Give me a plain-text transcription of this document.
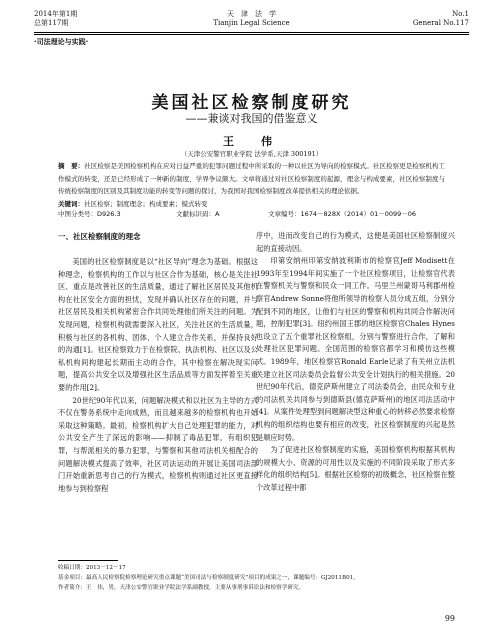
2014年第1期
总第117期
天　津　法　学
Tianjin Legal Science
No.1
General No.117
·司法理论与实践·
美国社区检察制度研究
——兼谈对我国的借鉴意义
王　伟
（天津公安警官职业学院 法学系,天津 300191）
摘　要：社区检察是美国检察机构在应对日益严重的犯罪问题过程中所采取的一种以社区为导向的检察模式。社区检察更是检察机构工作模式的转变，还是已经形成了一种新的制度，学界争议颇大。文章将通过对社区检察制度的起源，理念与构成要素，社区检察制度与传统检察制度的区别及其制度功能的转变等问题的探讨，为我国对我国检察制度改革提供相关的理论依据。
关键词：社区检察；制度理念；构成要素；模式转变
中图分类号：D926.3	文献标识码：A	文章编号：1674－828X（2014）01－0099－06
一、社区检察制度的理念

美国的社区检察制度是以“社区导向”理念为基础。根据这种理念，检察机构的工作以与社区合作为基础，核心是关注社区、重点是改善社区的生活质量，通过了解社区居民及其他机构在社区安全方面的担忧，发现并确认社区存在的问题，并与社区居民及相关机构紧密合作共同处理他们所关注的问题。为发现问题，检察机构就需要深入社区，关注社区的生活质量，积极与社区的各机构、团体、个人建立合作关系，并保持良好的沟通[1]。社区检察致力于在检察院、执法机构、社区以及公私机构间构建起长期而主动的合作，其中检察在解决现实问题，提高公共安全以及增强社区生活品质等方面发挥着至关重要的作用[2]。

20世纪90年代以来，问题解决模式和以社区为主导的方式不仅在警务系统中走向成熟，而且越来越多的检察机构也开始采取这种策略。最初，检察机构扩大自己处理犯罪的能力，对公共安全产生了深远的影响——抑制了毒品犯罪，有组织犯罪，与帮派相关的暴力犯罪，与警察和其他司法机关相配合的问题解决模式提高了效率，社区司法运动的开展让美国司法部门开始重新思考自己的行为模式，检察机构则通过社区更直接地参与到检察程

序中，进而改变自己的行为模式，这便是美国社区检察制度兴起的直接动因。

印第安纳州印第安纳波利斯市的检察官Jeff Modisett在1993年至1994年间实施了一个社区检察项目，让检察官代表在警察机关与警察和民众一同工作。马里兰州蒙哥马利郡州检察官Andrew Sonne将他所领导的检察人员分成五组，分别分配到不同的地区，让他们与社区的警察和机构共同合作解决问题，控制犯罪[3]。纽约州国王郡的地区检察官Chales Hynes也设立了五个重罪社区检察组，分别与警察进行合作，了解和处理社区犯罪问题。全国范围的检察官都学习和模仿这些模式。1989年，地区检察官Ronald Earle记录了有关州立法机关建立社区司法委员会监督公共安全计划执行的相关措施。20世纪90年代后，德克萨斯州建立了司法委员会，由民众和专业的司法机关共同参与到德斯县(德克萨斯州)的地区司法活动中[4]。从案件处理型到问题解决型这种重心的转移必然要求检察机构的组织结构也要有相应的改变，社区检察制度的兴起是然是顺应时势。

为了促进社区检察制度的实施，美国检察机构根据其机构的规模大小、资源的可用性以及实施的不同阶段采取了形式多样化的组织结构[5]。根据社区检察的初级概念，社区检察在整个改革过程中都

收稿日期：2013－12－17
基金项目：最高人民检察院检察理论研究重点课题“美国司法与检察制度研究”项目的成果之一，课题编号：GJ2011B01。
作者简介：王　伟，男，天津公安警官职业学院法学系副教授，主要从事刑事诉讼法和检察学研究。
99
